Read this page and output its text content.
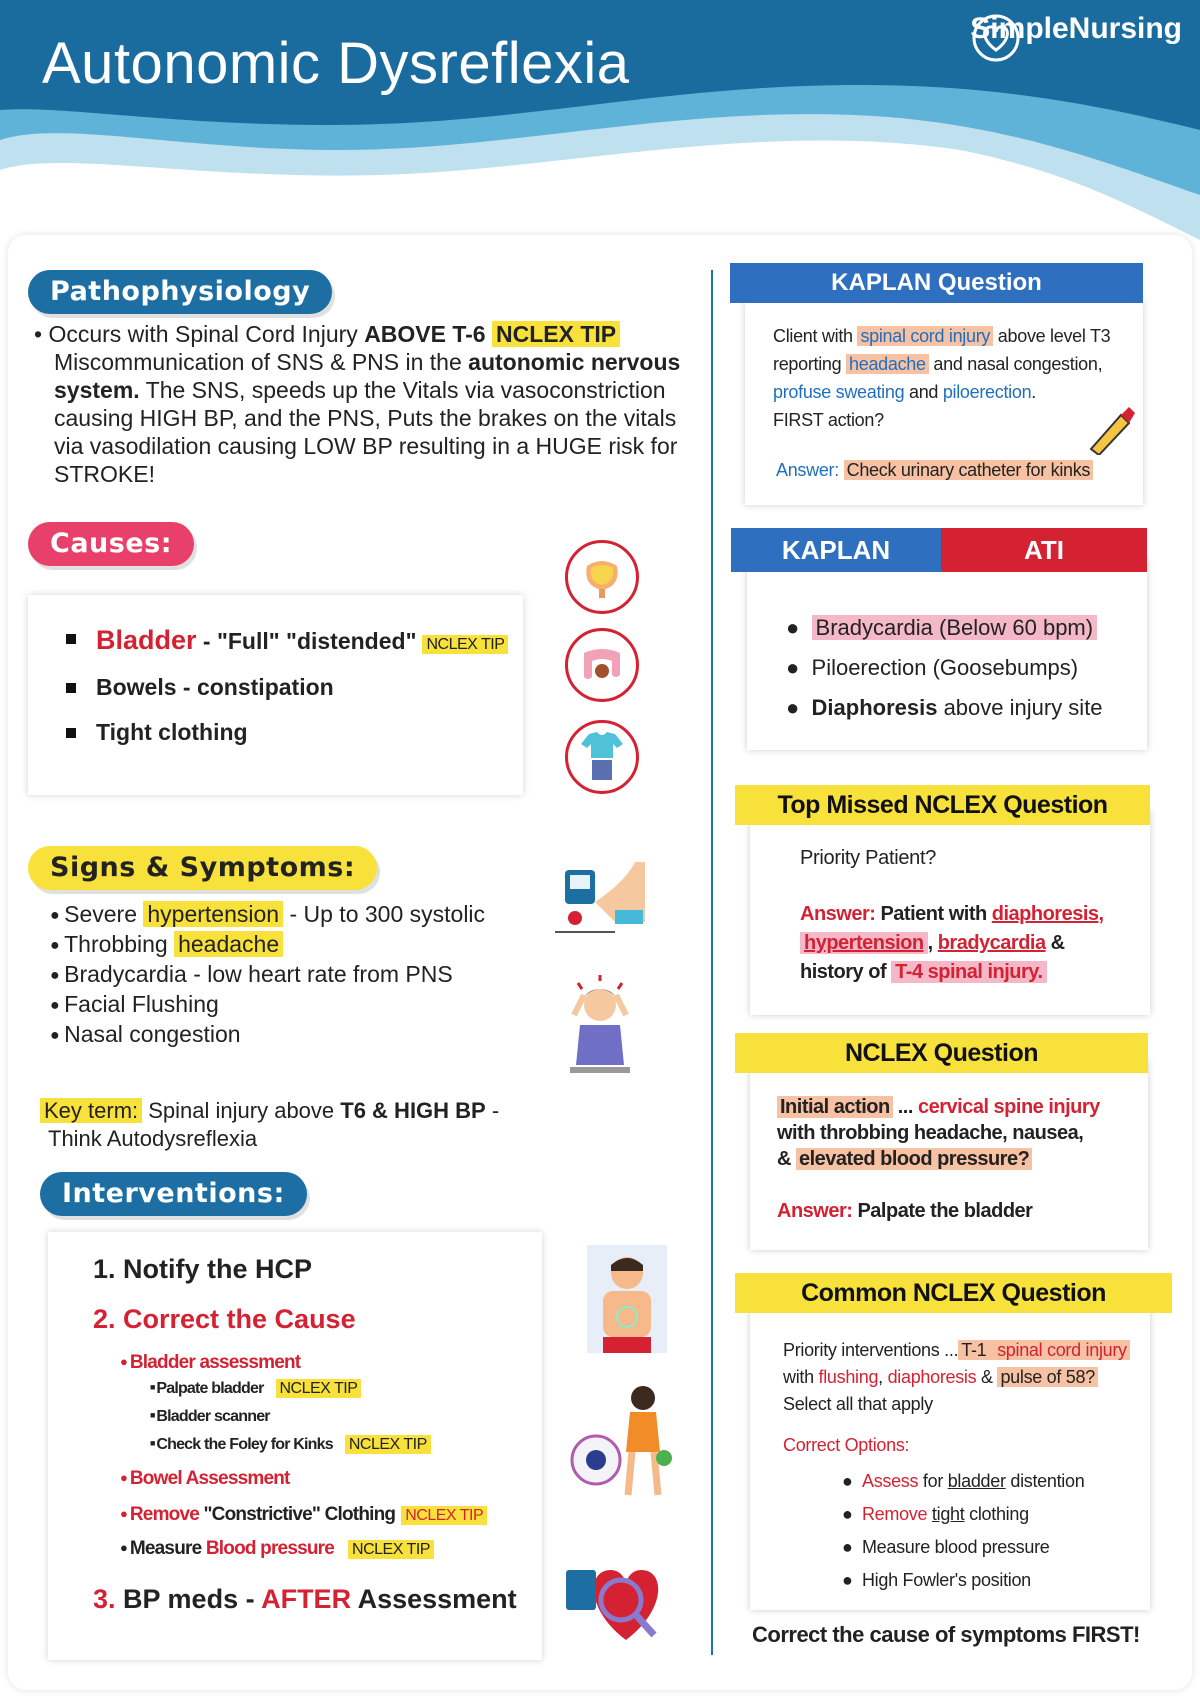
Autonomic Dysreflexia
SimpleNursing
Pathophysiology
• Occurs with Spinal Cord Injury ABOVE T-6 NCLEX TIP
Miscommunication of SNS & PNS in the autonomic nervous system. The SNS, speeds up the Vitals via vasoconstriction causing HIGH BP, and the PNS, Puts the brakes on the vitals via vasodilation causing LOW BP resulting in a HUGE risk for STROKE!
Causes:
Bladder - "Full" "distended" NCLEX TIP
Bowels - constipation
Tight clothing
Signs & Symptoms:
● Severe hypertension - Up to 300 systolic
● Throbbing headache
● Bradycardia - low heart rate from PNS
● Facial Flushing
● Nasal congestion
Key term: Spinal injury above T6 & HIGH BP -
Think Autodysreflexia
Interventions:
1. Notify the HCP
2. Correct the Cause
● Bladder assessment
■ Palpate bladder NCLEX TIP
■ Bladder scanner
■ Check the Foley for Kinks NCLEX TIP
● Bowel Assessment
● Remove "Constrictive" Clothing NCLEX TIP
● Measure Blood pressure NCLEX TIP
3. BP meds - AFTER Assessment
KAPLAN Question
Client with spinal cord injury above level T3
reporting headache and nasal congestion,
profuse sweating and piloerection.
FIRST action?
Answer: Check urinary catheter for kinks
KAPLAN	ATI
●  Bradycardia (Below 60 bpm)
●  Piloerection (Goosebumps)
●  Diaphoresis above injury site
Top Missed NCLEX Question
Priority Patient?
Answer: Patient with diaphoresis,
hypertension , bradycardia &
history of T-4 spinal injury.
NCLEX Question
Initial action ... cervical spine injury
with throbbing headache, nausea,
& elevated blood pressure?
Answer: Palpate the bladder
Common NCLEX Question
Priority interventions ... T-1 spinal cord injury
with flushing, diaphoresis & pulse of 58?
Select all that apply
Correct Options:
●  Assess for bladder distention
●  Remove tight clothing
●  Measure blood pressure
●  High Fowler's position
Correct the cause of symptoms FIRST!
